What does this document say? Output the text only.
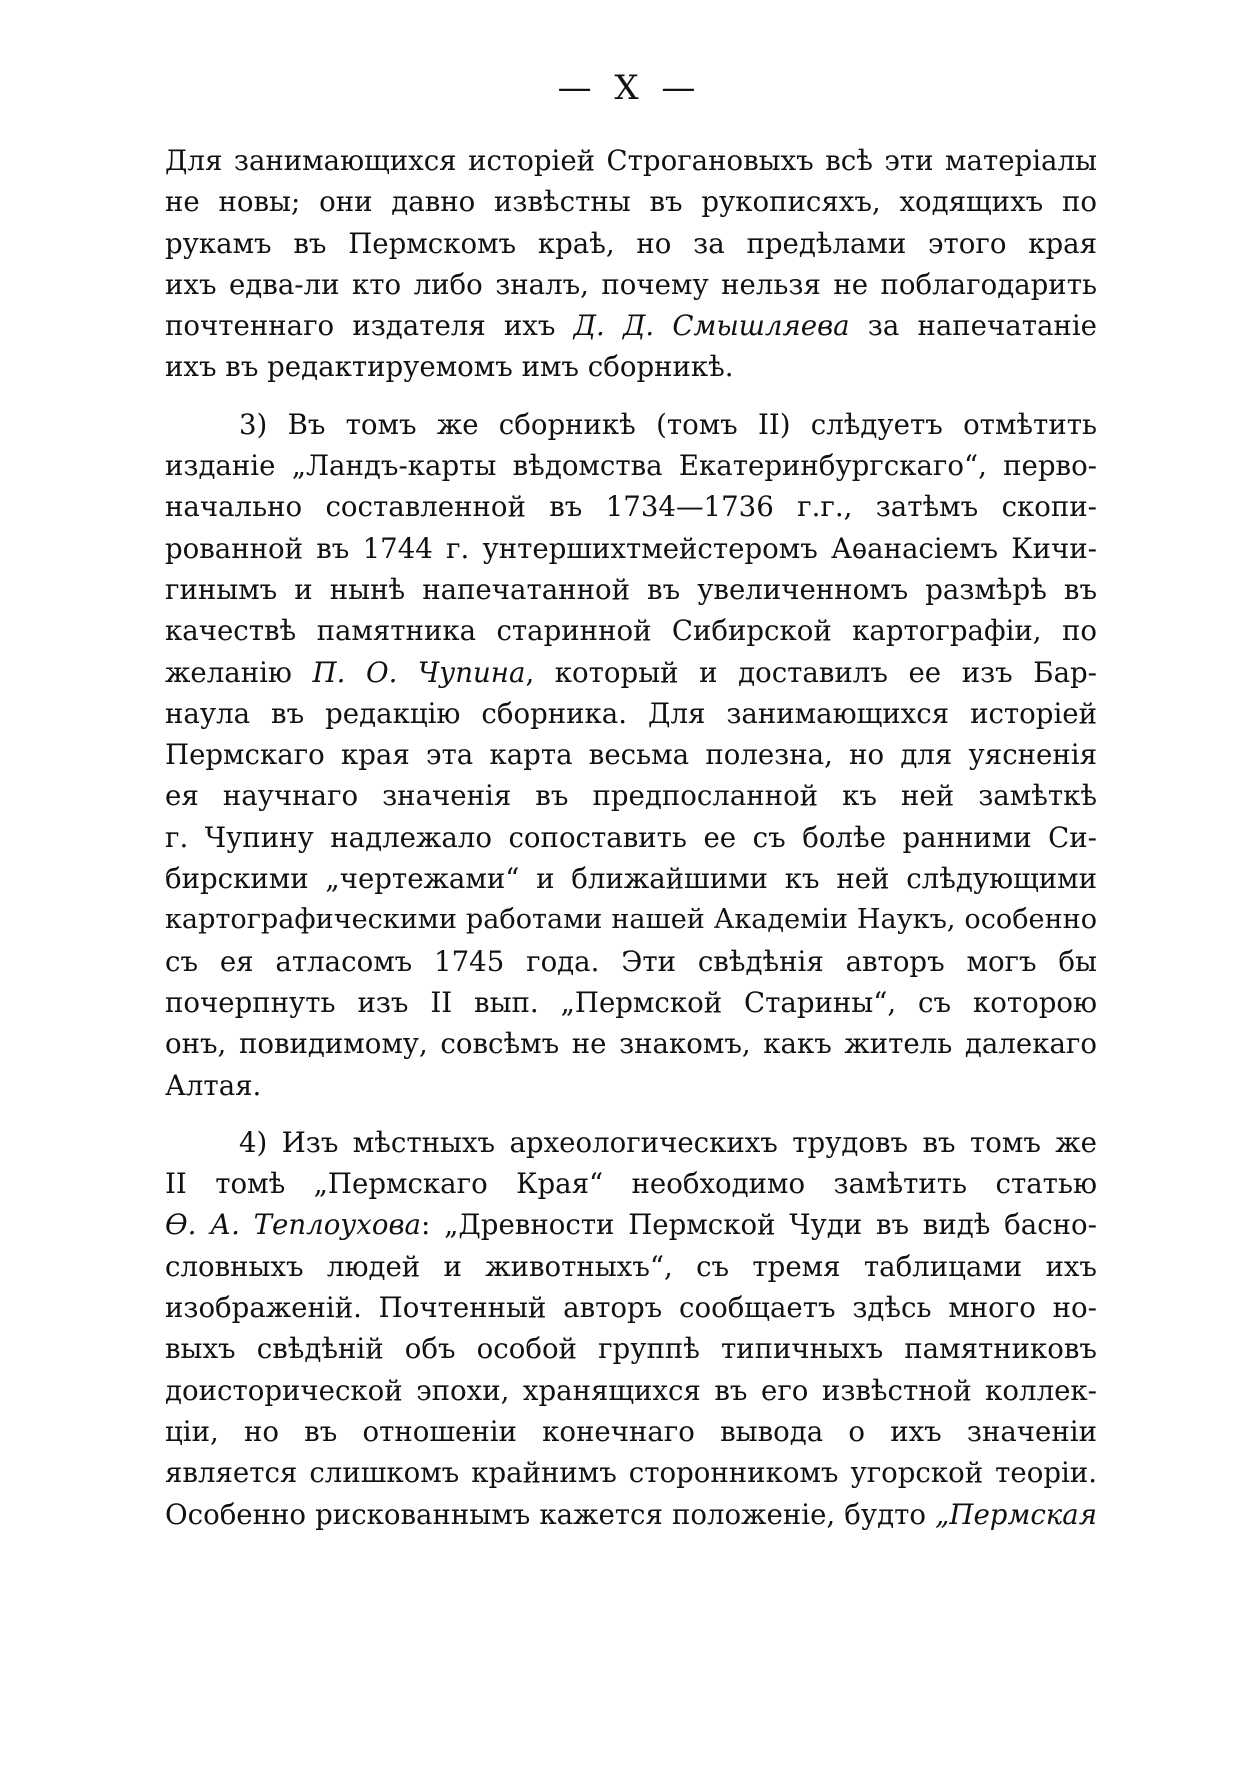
— X —
Для занимающихся исторіей Строгановыхъ всѣ эти матеріалы
не новы; они давно извѣстны въ рукописяхъ, ходящихъ по
рукамъ въ Пермскомъ краѣ, но за предѣлами этого края
ихъ едва-ли кто либо зналъ, почему нельзя не поблагодарить
почтеннаго издателя ихъ Д. Д. Смышляева за напечатаніе
ихъ въ редактируемомъ имъ сборникѣ.
3) Въ томъ же сборникѣ (томъ II) слѣдуетъ отмѣтить
изданіе „Ландъ-карты вѣдомства Екатеринбургскаго“, перво-
начально составленной въ 1734—1736 г.г., затѣмъ скопи-
рованной въ 1744 г. унтершихтмейстеромъ Аѳанасіемъ Кичи-
гинымъ и нынѣ напечатанной въ увеличенномъ размѣрѣ въ
качествѣ памятника старинной Сибирской картографіи, по
желанію П. О. Чупина, который и доставилъ ее изъ Бар-
наула въ редакцію сборника. Для занимающихся исторіей
Пермскаго края эта карта весьма полезна, но для уясненія
ея научнаго значенія въ предпосланной къ ней замѣткѣ
г. Чупину надлежало сопоставить ее съ болѣе ранними Си-
бирскими „чертежами“ и ближайшими къ ней слѣдующими
картографическими работами нашей Академіи Наукъ, особенно
съ ея атласомъ 1745 года. Эти свѣдѣнія авторъ могъ бы
почерпнуть изъ II вып. „Пермской Старины“, съ которою
онъ, повидимому, совсѣмъ не знакомъ, какъ житель далекаго
Алтая.
4) Изъ мѣстныхъ археологическихъ трудовъ въ томъ же
II томѣ „Пермскаго Края“ необходимо замѣтить статью
Ѳ. А. Теплоухова: „Древности Пермской Чуди въ видѣ басно-
словныхъ людей и животныхъ“, съ тремя таблицами ихъ
изображеній. Почтенный авторъ сообщаетъ здѣсь много но-
выхъ свѣдѣній объ особой группѣ типичныхъ памятниковъ
доисторической эпохи, хранящихся въ его извѣстной коллек-
ціи, но въ отношеніи конечнаго вывода о ихъ значеніи
является слишкомъ крайнимъ сторонникомъ угорской теоріи.
Особенно рискованнымъ кажется положеніе, будто „Пермская
